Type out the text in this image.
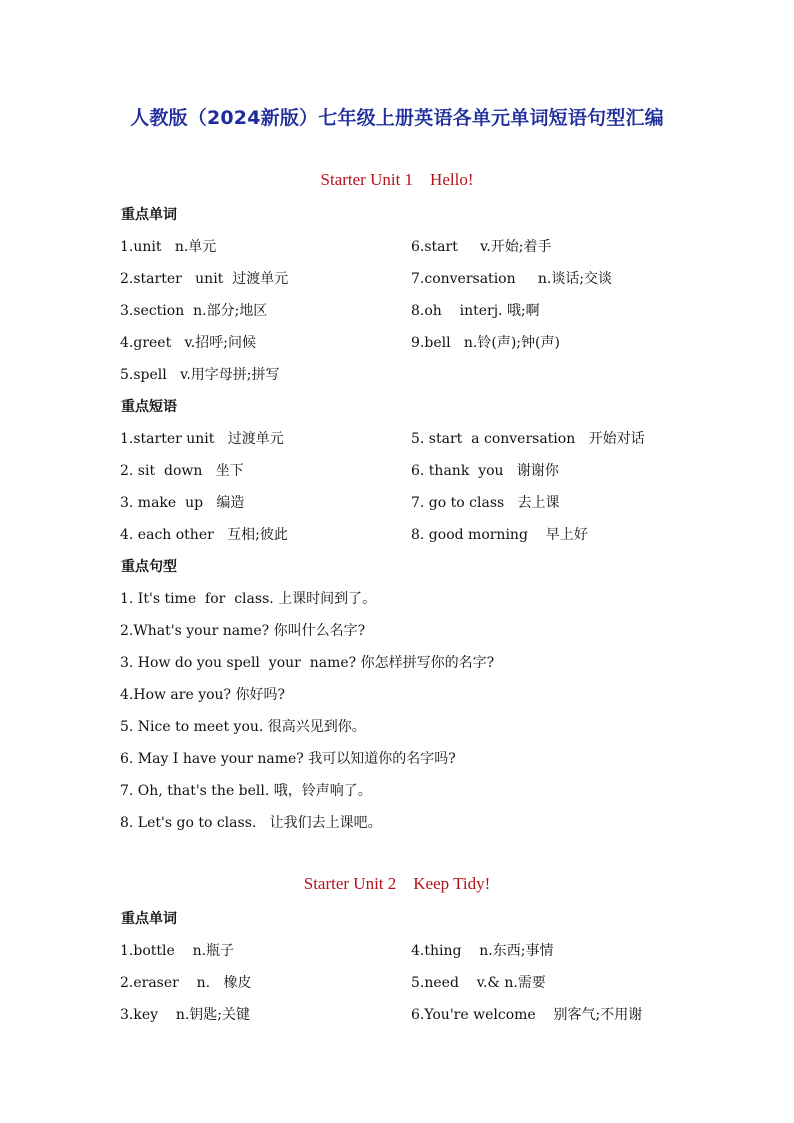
人教版（2024新版）七年级上册英语各单元单词短语句型汇编
Starter Unit 1    Hello!
重点单词
1.unit   n.单元
2.starter   unit  过渡单元
3.section  n.部分;地区
4.greet   v.招呼;问候
5.spell   v.用字母拼;拼写
6.start     v.开始;着手
7.conversation     n.谈话;交谈
8.oh    interj. 哦;啊
9.bell   n.铃(声);钟(声)
重点短语
1.starter unit   过渡单元
2. sit  down   坐下
3. make  up   编造
4. each other   互相;彼此
5. start  a conversation   开始对话
6. thank  you   谢谢你
7. go to class   去上课
8. good morning    早上好
重点句型
1. It's time  for  class. 上课时间到了。
2.What's your name? 你叫什么名字?
3. How do you spell  your  name? 你怎样拼写你的名字?
4.How are you? 你好吗?
5. Nice to meet you. 很高兴见到你。
6. May I have your name? 我可以知道你的名字吗?
7. Oh, that's the bell. 哦，铃声响了。
8. Let's go to class.   让我们去上课吧。
Starter Unit 2    Keep Tidy!
重点单词
1.bottle    n.瓶子
2.eraser    n.   橡皮
3.key    n.钥匙;关键
4.thing    n.东西;事情
5.need    v.& n.需要
6.You're welcome    别客气;不用谢
